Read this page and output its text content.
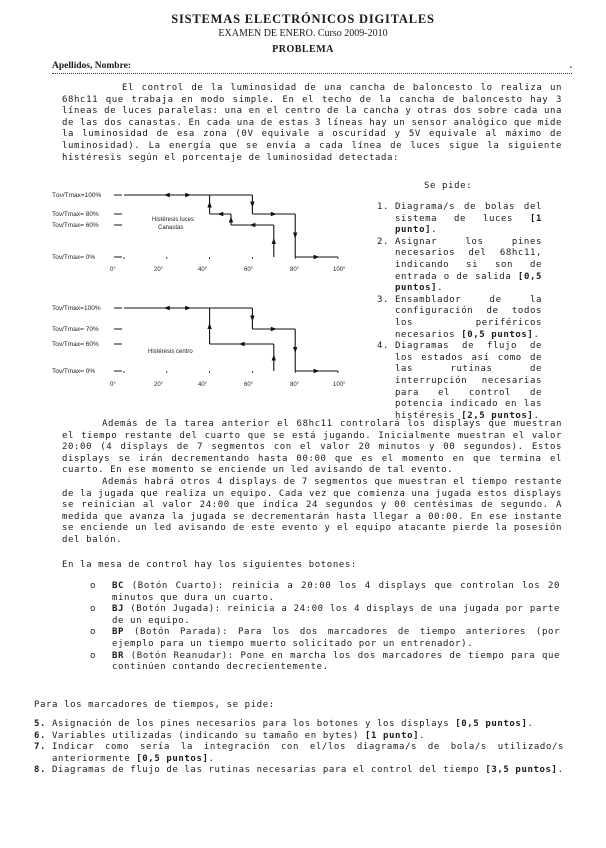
SISTEMAS ELECTRÓNICOS DIGITALES
EXAMEN DE ENERO. Curso 2009-2010
PROBLEMA
Apellidos, Nombre:	.
El control de la luminosidad de una cancha de baloncesto lo realiza un 68hc11 que trabaja en modo simple. En el techo de la cancha de baloncesto hay 3 líneas de luces paralelas: una en el centro de la cancha y otras dos sobre cada una de las dos canastas. En cada una de estas 3 líneas hay un sensor analógico que mide la luminosidad de esa zona (0V equivale a oscuridad y 5V equivale al máximo de luminosidad). La energía que se envía a cada línea de luces sigue la siguiente histéresis según el porcentaje de luminosidad detectada:
Tον/Τmax=100%
Τον/Τmax= 80%
Τον/Τmax= 60%
Τον/Τmax= 0%
0°	20°	40°	60°	80°	100°
Histéresis luces
Canastas
Τον/Τmax=100%
Τον/Τmax= 70%
Τον/Τmax= 60%
Τον/Τmax= 0%
0°	20°	40°	60°	80°	100°
Histéresis centro
Se pide:
1. Diagrama/s de bolas del sistema de luces [1 punto].
2. Asignar los pines necesarios del 68hc11, indicando si son de entrada o de salida [0,5 puntos].
3. Ensamblador de la configuración de todos los periféricos necesarios [0,5 puntos].
4. Diagramas de flujo de los estados así como de las rutinas de interrupción necesarias para el control de potencia indicado en las histéresis [2,5 puntos].
Además de la tarea anterior el 68hc11 controlará los displays que muestran el tiempo restante del cuarto que se está jugando. Inicialmente muestran el valor 20:00 (4 displays de 7 segmentos con el valor 20 minutos y 00 segundos). Estos displays se irán decrementando hasta 00:00 que es el momento en que termina el cuarto. En ese momento se enciende un led avisando de tal evento.
Además habrá otros 4 displays de 7 segmentos que muestran el tiempo restante de la jugada que realiza un equipo. Cada vez que comienza una jugada estos displays se reinician al valor 24:00 que indica 24 segundos y 00 centésimas de segundo. A medida que avanza la jugada se decrementarán hasta llegar a 00:00. En ese instante se enciende un led avisando de este evento y el equipo atacante pierde la posesión del balón.
En la mesa de control hay los siguientes botones:
o BC (Botón Cuarto): reinicia a 20:00 los 4 displays que controlan los 20 minutos que dura un cuarto.
o BJ (Botón Jugada): reinicia a 24:00 los 4 displays de una jugada por parte de un equipo.
o BP (Botón Parada): Para los dos marcadores de tiempo anteriores (por ejemplo para un tiempo muerto solicitado por un entrenador).
o BR (Botón Reanudar): Pone en marcha los dos marcadores de tiempo para que continúen contando decrecientemente.
Para los marcadores de tiempos, se pide:
5. Asignación de los pines necesarios para los botones y los displays [0,5 puntos].
6. Variables utilizadas (indicando su tamaño en bytes) [1 punto].
7. Indicar como sería la integración con el/los diagrama/s de bola/s utilizado/s anteriormente [0,5 puntos].
8. Diagramas de flujo de las rutinas necesarias para el control del tiempo [3,5 puntos].
